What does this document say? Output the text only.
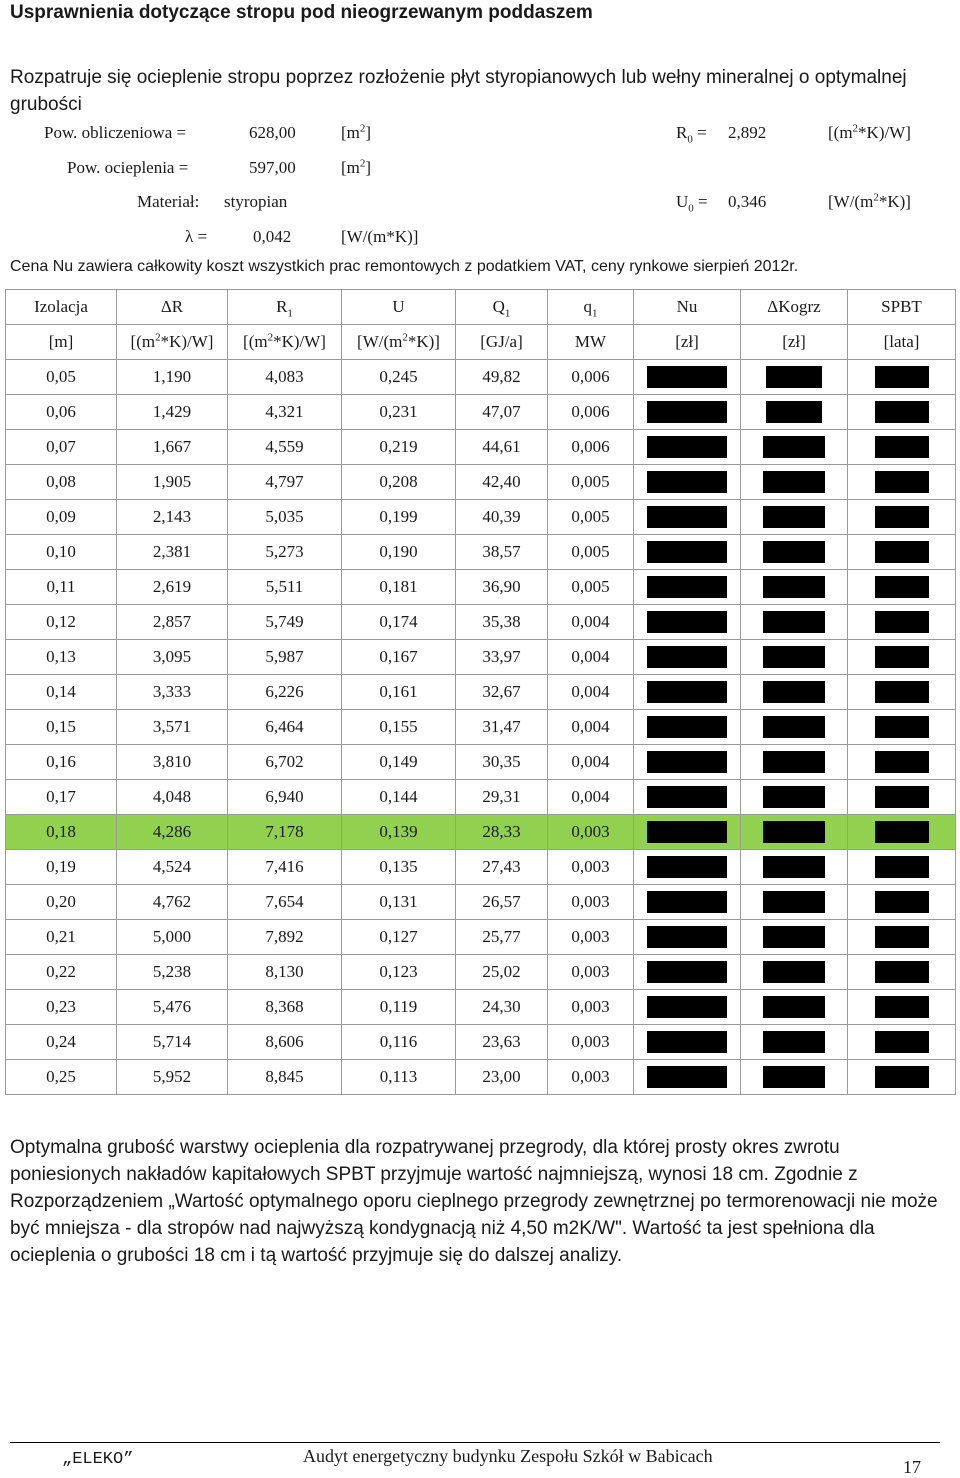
Usprawnienia dotyczące stropu pod nieogrzewanym poddaszem
Rozpatruje się ocieplenie stropu poprzez rozłożenie płyt styropianowych lub wełny mineralnej o optymalnej grubości
Pow. obliczeniowa =	628,00	$[m^2]$
Pow. ocieplenia =	597,00	$[m^2]$
Materiał: styropian
λ =	0,042	[W/(m*K)]
$R_0 = 2,892$	$[(m^2*K)/W]$
$U_0 = 0,346$	$[W/(m^2*K)]$
Cena Nu zawiera całkowity koszt wszystkich prac remontowych z podatkiem VAT, ceny rynkowe sierpień 2012r.
Izolacja	ΔR	$R_1$	U	$Q_1$	$q_1$	Nu	ΔKogrz	SPBT
[m]	$[(m^2*K)/W]$	$[(m^2*K)/W]$	$[W/(m^2*K)]$	[GJ/a]	MW	[zł]	[zł]	[lata]
0,05	1,190	4,083	0,245	49,82	0,006			
0,06	1,429	4,321	0,231	47,07	0,006			
0,07	1,667	4,559	0,219	44,61	0,006			
0,08	1,905	4,797	0,208	42,40	0,005			
0,09	2,143	5,035	0,199	40,39	0,005			
0,10	2,381	5,273	0,190	38,57	0,005			
0,11	2,619	5,511	0,181	36,90	0,005			
0,12	2,857	5,749	0,174	35,38	0,004			
0,13	3,095	5,987	0,167	33,97	0,004			
0,14	3,333	6,226	0,161	32,67	0,004			
0,15	3,571	6,464	0,155	31,47	0,004			
0,16	3,810	6,702	0,149	30,35	0,004			
0,17	4,048	6,940	0,144	29,31	0,004			
0,18	4,286	7,178	0,139	28,33	0,003			
0,19	4,524	7,416	0,135	27,43	0,003			
0,20	4,762	7,654	0,131	26,57	0,003			
0,21	5,000	7,892	0,127	25,77	0,003			
0,22	5,238	8,130	0,123	25,02	0,003			
0,23	5,476	8,368	0,119	24,30	0,003			
0,24	5,714	8,606	0,116	23,63	0,003			
0,25	5,952	8,845	0,113	23,00	0,003			
Optymalna grubość warstwy ocieplenia dla rozpatrywanej przegrody, dla której prosty okres zwrotu poniesionych nakładów kapitałowych SPBT przyjmuje wartość najmniejszą, wynosi 18 cm. Zgodnie z Rozporządzeniem „Wartość optymalnego oporu cieplnego przegrody zewnętrznej po termorenowacji nie może być mniejsza - dla stropów nad najwyższą kondygnacją niż 4,50 m2K/W". Wartość ta jest spełniona dla ocieplenia o grubości 18 cm i tą wartość przyjmuje się do dalszej analizy.
„ELEKO”	Audyt energetyczny budynku Zespołu Szkół w Babicach
17
